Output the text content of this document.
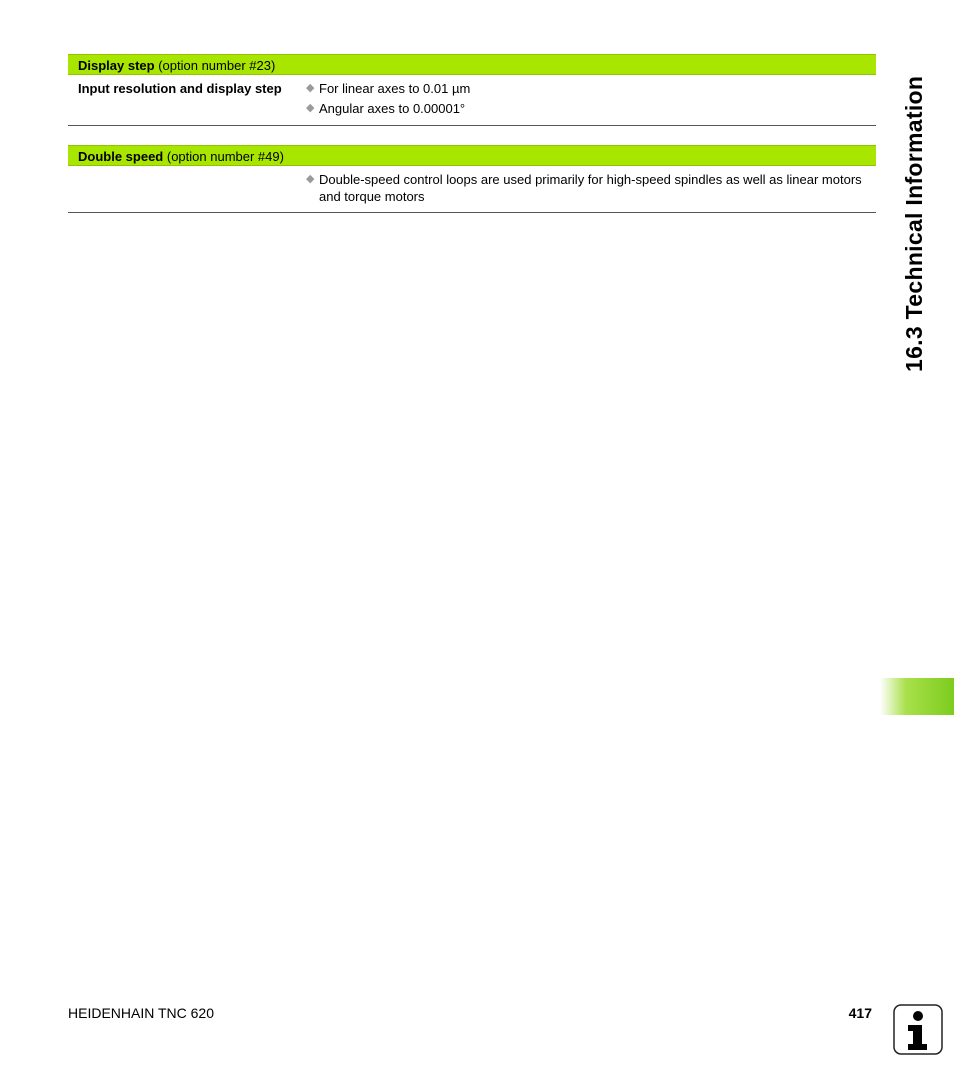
Display step (option number #23)
Input resolution and display step	◆ For linear axes to 0.01 µm
◆ Angular axes to 0.00001°
Double speed (option number #49)
◆ Double-speed control loops are used primarily for high-speed spindles as well as linear motors and torque motors	16.3 Technical Information
HEIDENHAIN TNC 620	417
